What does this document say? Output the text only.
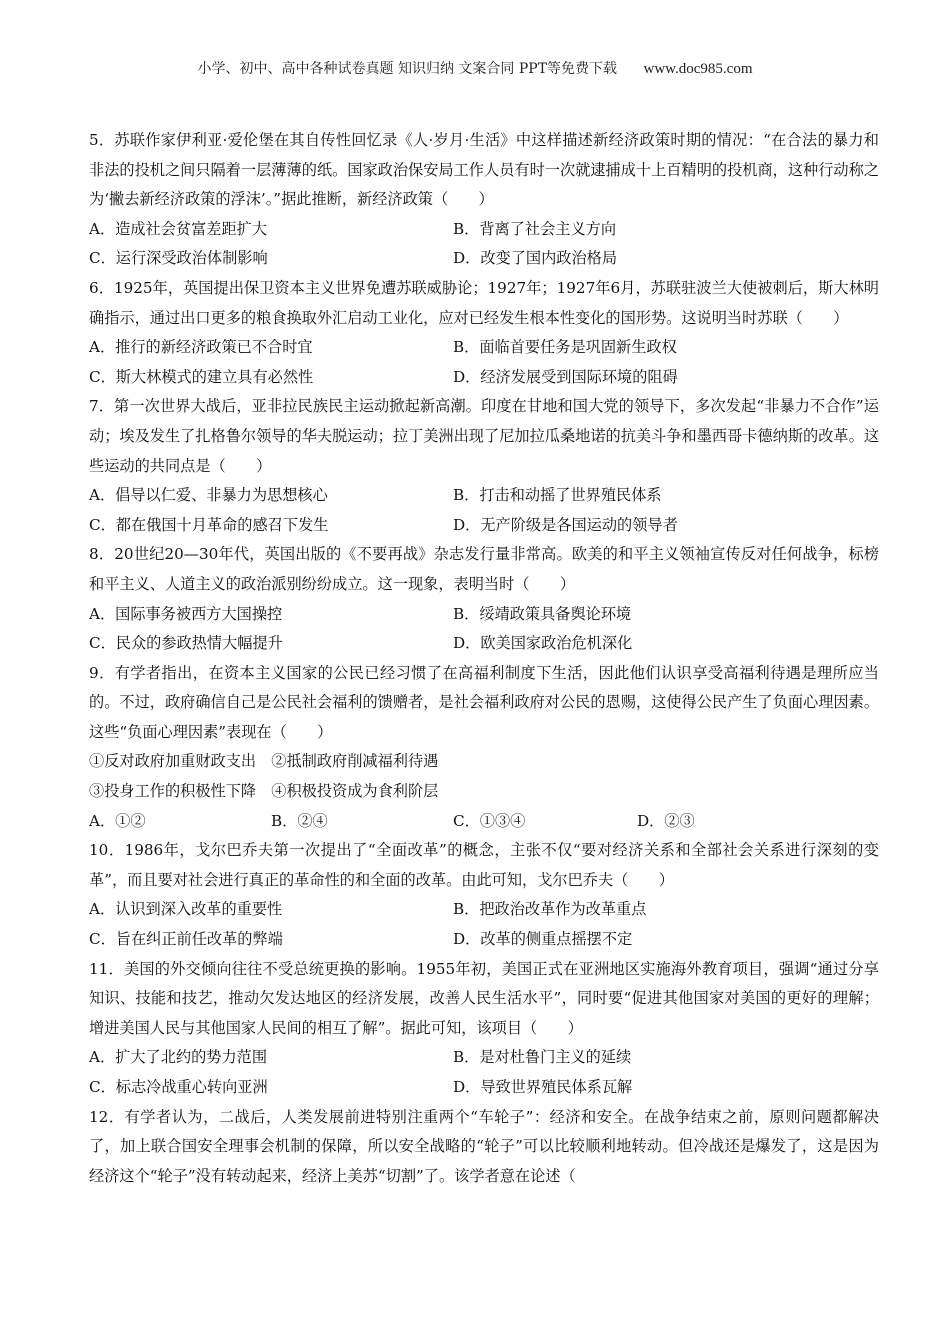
小学、初中、高中各种试卷真题 知识归纳 文案合同 PPT等免费下载 www.doc985.com

5．苏联作家伊利亚·爱伦堡在其自传性回忆录《人·岁月·生活》中这样描述新经济政策时期的情况：“在合法的暴力和非法的投机之间只隔着一层薄薄的纸。国家政治保安局工作人员有时一次就逮捕成十上百精明的投机商，这种行动称之为‘撇去新经济政策的浮沫’。”据此推断，新经济政策（　　）

A．造成社会贫富差距扩大	B．背离了社会主义方向
C．运行深受政治体制影响	D．改变了国内政治格局

6．1925年，英国提出保卫资本主义世界免遭苏联威胁论；1927年；1927年6月，苏联驻波兰大使被刺后，斯大林明确指示，通过出口更多的粮食换取外汇启动工业化，应对已经发生根本性变化的国形势。这说明当时苏联（　　）

A．推行的新经济政策已不合时宜	B．面临首要任务是巩固新生政权
C．斯大林模式的建立具有必然性	D．经济发展受到国际环境的阻碍

7．第一次世界大战后，亚非拉民族民主运动掀起新高潮。印度在甘地和国大党的领导下，多次发起“非暴力不合作”运动；埃及发生了扎格鲁尔领导的华夫脱运动；拉丁美洲出现了尼加拉瓜桑地诺的抗美斗争和墨西哥卡德纳斯的改革。这些运动的共同点是（　　）

A．倡导以仁爱、非暴力为思想核心	B．打击和动摇了世界殖民体系
C．都在俄国十月革命的感召下发生	D．无产阶级是各国运动的领导者

8．20世纪20—30年代，英国出版的《不要再战》杂志发行量非常高。欧美的和平主义领袖宣传反对任何战争，标榜和平主义、人道主义的政治派别纷纷成立。这一现象，表明当时（　　）

A．国际事务被西方大国操控	B．绥靖政策具备舆论环境
C．民众的参政热情大幅提升	D．欧美国家政治危机深化

9．有学者指出，在资本主义国家的公民已经习惯了在高福利制度下生活，因此他们认识享受高福利待遇是理所应当的。不过，政府确信自己是公民社会福利的馈赠者，是社会福利政府对公民的恩赐，这使得公民产生了负面心理因素。这些“负面心理因素”表现在（　　）

①反对政府加重财政支出　②抵制政府削减福利待遇

③投身工作的积极性下降　④积极投资成为食利阶层

A．①②	B．②④	C．①③④	D．②③

10．1986年，戈尔巴乔夫第一次提出了“全面改革”的概念，主张不仅“要对经济关系和全部社会关系进行深刻的变革”，而且要对社会进行真正的革命性的和全面的改革。由此可知，戈尔巴乔夫（　　）

A．认识到深入改革的重要性	B．把政治改革作为改革重点
C．旨在纠正前任改革的弊端	D．改革的侧重点摇摆不定

11．美国的外交倾向往往不受总统更换的影响。1955年初，美国正式在亚洲地区实施海外教育项目，强调“通过分享知识、技能和技艺，推动欠发达地区的经济发展，改善人民生活水平”，同时要“促进其他国家对美国的更好的理解；增进美国人民与其他国家人民间的相互了解”。据此可知，该项目（　　）

A．扩大了北约的势力范围	B．是对杜鲁门主义的延续
C．标志冷战重心转向亚洲	D．导致世界殖民体系瓦解

12．有学者认为，二战后，人类发展前进特别注重两个“车轮子”：经济和安全。在战争结束之前，原则问题都解决了，加上联合国安全理事会机制的保障，所以安全战略的“轮子”可以比较顺利地转动。但冷战还是爆发了，这是因为经济这个“轮子”没有转动起来，经济上美苏“切割”了。该学者意在论述（
